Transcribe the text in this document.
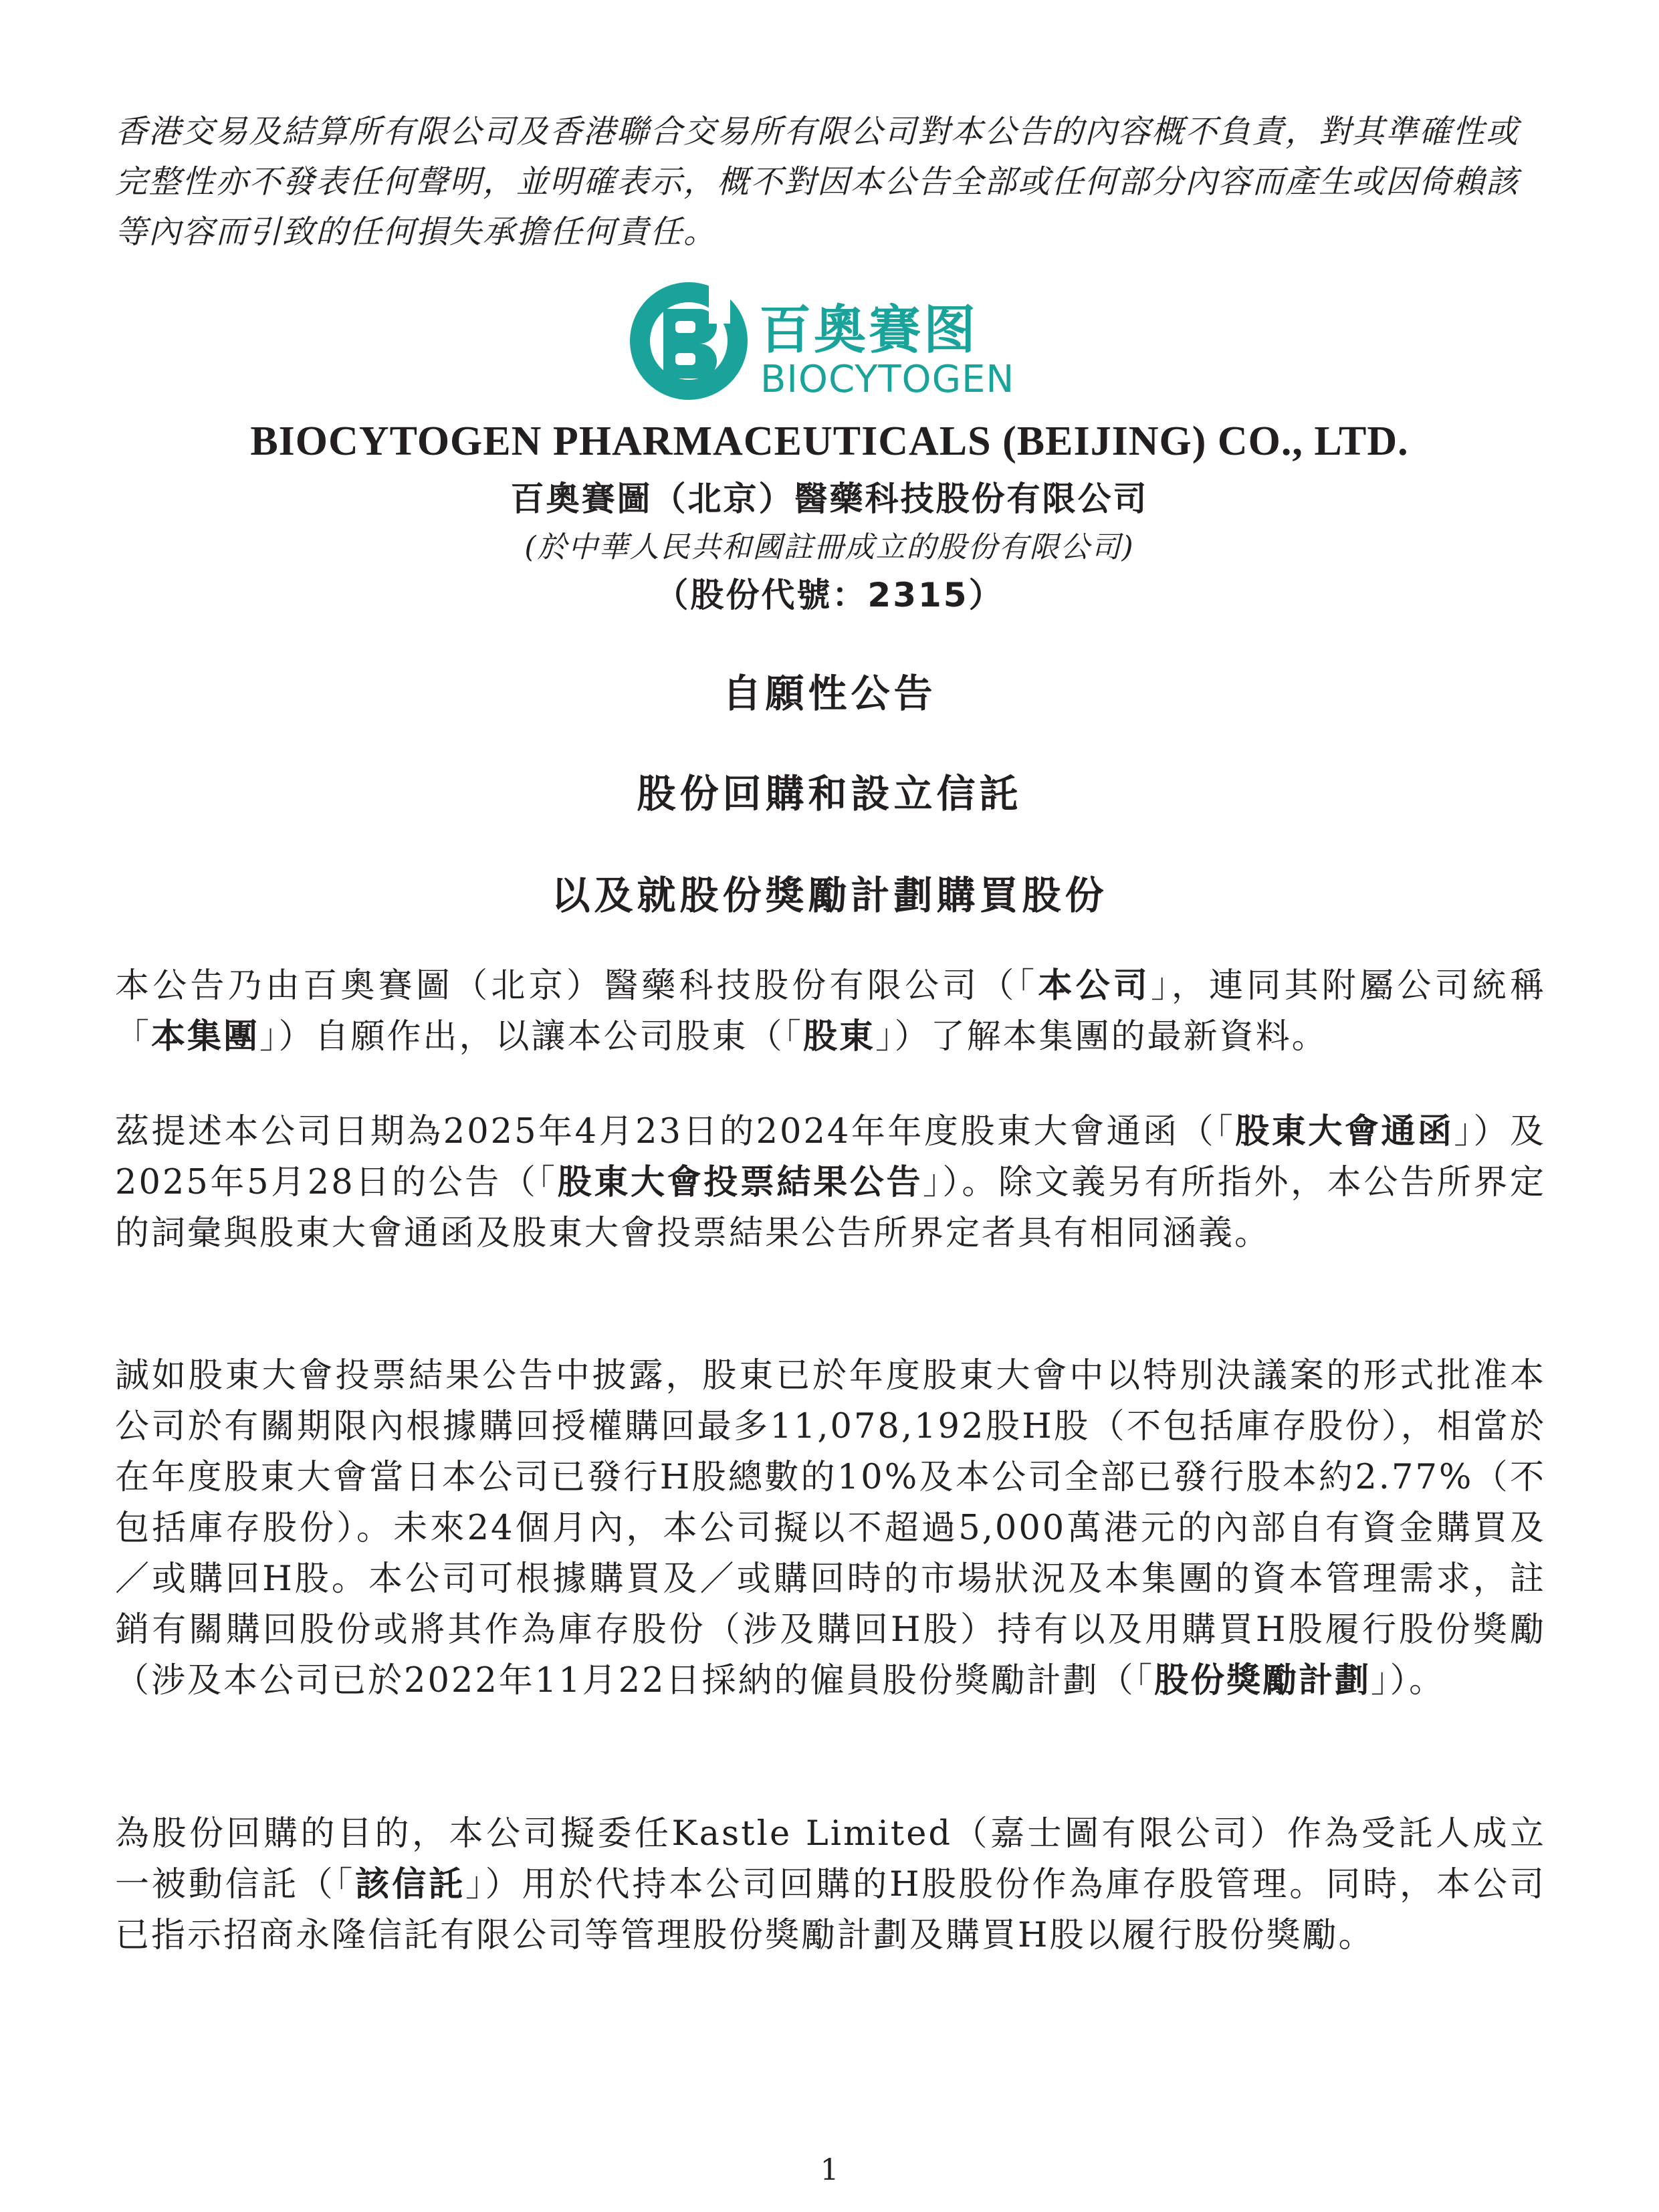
香港交易及結算所有限公司及香港聯合交易所有限公司對本公告的內容概不負責，對其準確性或完整性亦不發表任何聲明，並明確表示，概不對因本公告全部或任何部分內容而產生或因倚賴該等內容而引致的任何損失承擔任何責任。

百奧賽图
BIOCYTOGEN

BIOCYTOGEN PHARMACEUTICALS (BEIJING) CO., LTD.

百奧賽圖（北京）醫藥科技股份有限公司

(於中華人民共和國註冊成立的股份有限公司)

（股份代號：2315）

自願性公告
股份回購和設立信託
以及就股份獎勵計劃購買股份

本公告乃由百奧賽圖（北京）醫藥科技股份有限公司（「本公司」，連同其附屬公司統稱「本集團」）自願作出，以讓本公司股東（「股東」）了解本集團的最新資料。

茲提述本公司日期為2025年4月23日的2024年年度股東大會通函（「股東大會通函」）及2025年5月28日的公告（「股東大會投票結果公告」）。除文義另有所指外，本公告所界定的詞彙與股東大會通函及股東大會投票結果公告所界定者具有相同涵義。

誠如股東大會投票結果公告中披露，股東已於年度股東大會中以特別決議案的形式批准本公司於有關期限內根據購回授權購回最多11,078,192股H股（不包括庫存股份），相當於在年度股東大會當日本公司已發行H股總數的10%及本公司全部已發行股本約2.77%（不包括庫存股份）。未來24個月內，本公司擬以不超過5,000萬港元的內部自有資金購買及／或購回H股。本公司可根據購買及／或購回時的市場狀況及本集團的資本管理需求，註銷有關購回股份或將其作為庫存股份（涉及購回H股）持有以及用購買H股履行股份獎勵（涉及本公司已於2022年11月22日採納的僱員股份獎勵計劃（「股份獎勵計劃」）。

為股份回購的目的，本公司擬委任Kastle Limited（嘉士圖有限公司）作為受託人成立一被動信託（「該信託」）用於代持本公司回購的H股股份作為庫存股管理。同時，本公司已指示招商永隆信託有限公司等管理股份獎勵計劃及購買H股以履行股份獎勵。

1
